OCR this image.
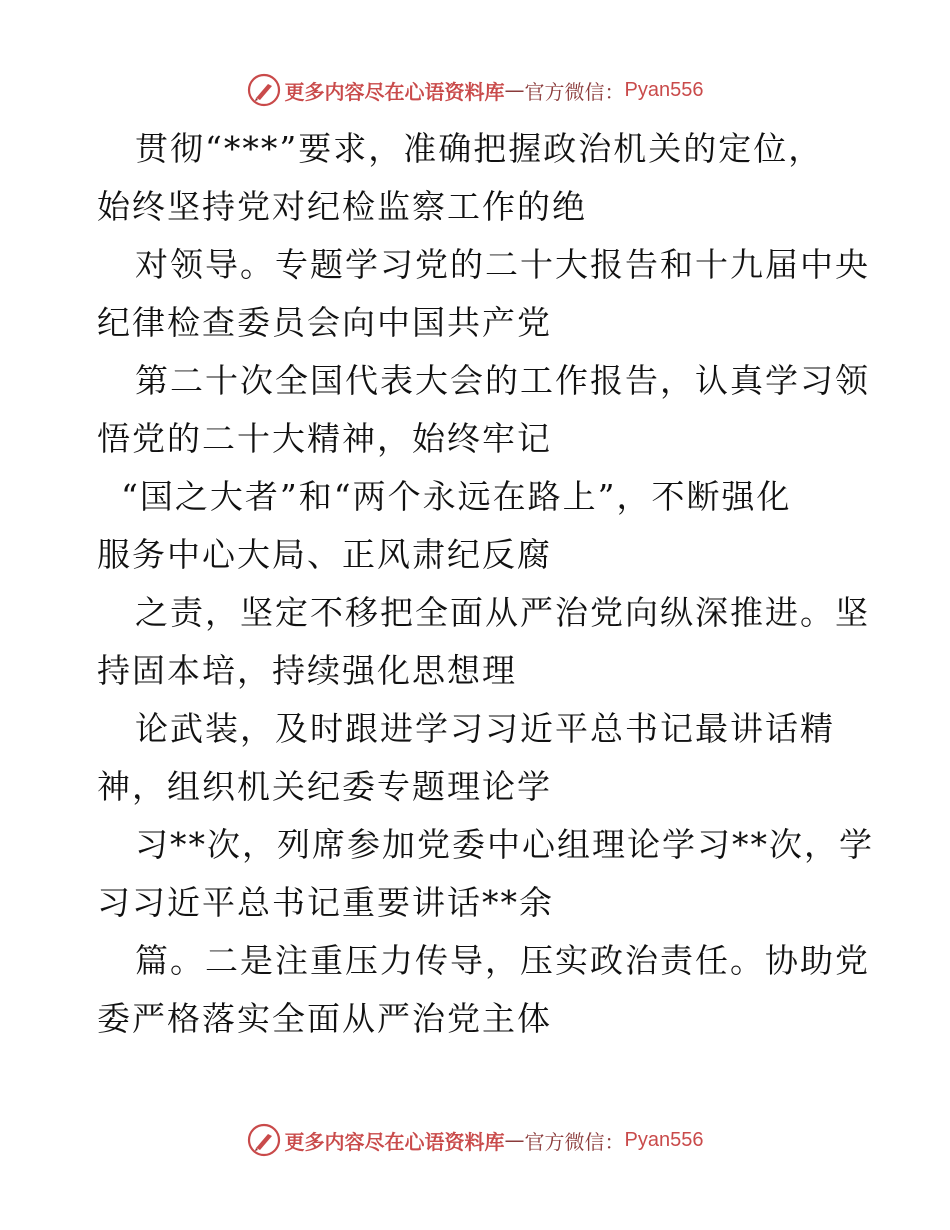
更多内容尽在心语资料库 — 官方微信： Pyan556
贯彻“***”要求，准确把握政治机关的定位，
始终坚持党对纪检监察工作的绝
对领导。专题学习党的二十大报告和十九届中央
纪律检查委员会向中国共产党
第二十次全国代表大会的工作报告，认真学习领
悟党的二十大精神，始终牢记
“国之大者”和“两个永远在路上”，不断强化
服务中心大局、正风肃纪反腐
之责，坚定不移把全面从严治党向纵深推进。坚
持固本培，持续强化思想理
论武装，及时跟进学习习近平总书记最讲话精
神，组织机关纪委专题理论学
习**次，列席参加党委中心组理论学习**次，学
习习近平总书记重要讲话**余
篇。二是注重压力传导，压实政治责任。协助党
委严格落实全面从严治党主体
更多内容尽在心语资料库 — 官方微信： Pyan556
